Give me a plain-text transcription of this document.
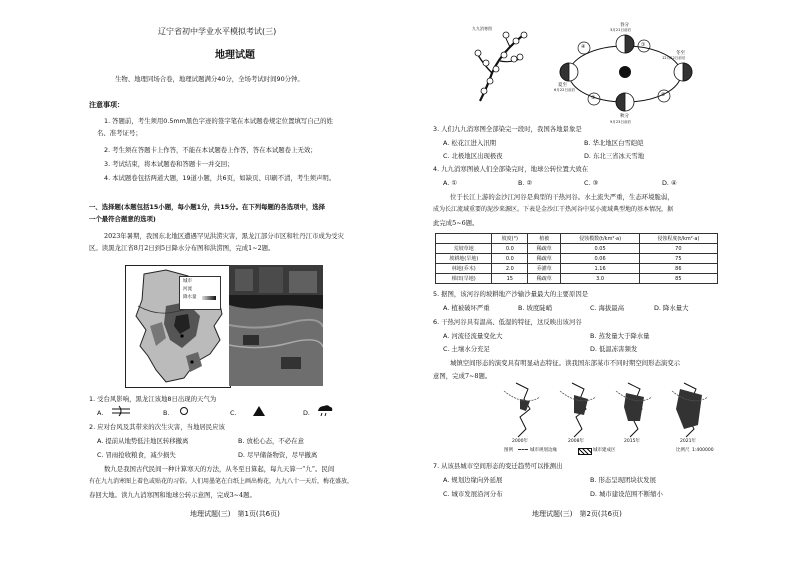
辽宁省初中学业水平模拟考试(三)
地理试题
生物、地理同场合卷，地理试题满分40分，全场考试时间90分钟。
注意事项：
1. 答题前，考生须用0.5mm黑色字迹的签字笔在本试题卷规定位置填写自己的姓
名、准考证号；
2. 考生须在答题卡上作答，不能在本试题卷上作答，答在本试题卷上无效；
3. 考试结束，将本试题卷和答题卡一并交回；
4. 本试题卷包括两道大题，19道小题，共6页，如缺页、印刷不清，考生须声明。
一、选择题(本题包括15小题，每小题1分，共15分。在下列每题的各选项中，选择
一个最符合题意的选项)
2023年暑期，我国东北地区遭遇罕见洪涝灾害，黑龙江部分市区和牡丹江市成为受灾
区。读黑龙江省8月2日到5日降水分布图和洪涝图，完成1~2题。
城市
河流
降水量
1. 受台风影响，黑龙江该地8日出现的天气为
A.	B.	C.	D.
2. 应对台风及其带来的次生灾害，当地居民应该
A. 提前从地势低洼地区转移撤离	B. 放松心态，不必在意
C. 冒雨抢收粮食，减少损失	D. 尽早储备物资，尽早撤离
数九是我国古代民间一种计算寒天的方法，从冬至日算起，每九天算一“九”。民间
有在九九消寒图上着色或贴花的习俗。人们用墨笔在白纸上画出梅花，九九八十一天后，梅花盛放，
春回大地。读九九消寒图和地球公转示意图，完成3~4题。
地理试题(三)　第1页(共6页)
九九消寒图
春分
3月21日前后
冬至
12月22日前后
夏至
6月22日前后
秋分
9月23日前后
①
②
③
④
3. 人们九九消寒图全部染完一段时，我国各地景象是
A. 松花江进入汛期	B. 华北地区白雪皑皑
C. 北极地区出现极夜	D. 东北三省冰天雪地
4. 九九消寒图被人们全部染完时，地球公转位置大致在
A. ①	B. ②	C. ③	D. ④
位于长江上游的金沙江河谷是典型的干热河谷。水土流失严重，生态环境脆弱，
成为长江流域重要的泥沙来源区。下表是金沙江干热河谷中某小流域典型地的基本情况，据
此完成5~6题。
	坡度(°)	植被	侵蚀模数(t/km²·a)	侵蚀程度(t/km²·a)
荒坡草地	0.0	稀疏草	0.05	70
坡耕地(旱地)	0.0	稀疏草	0.06	75
林地(乔木)	2.0	乔灌草	1.16	86
梯田(旱地)	15	稀疏草	3.0	85
5. 据图，该河谷的坡耕地产沙输沙量最大的主要原因是
A. 植被破坏严重	B. 坡度陡峭	C. 海拔最高	D. 降水量大
6. 干热河谷具有温高、低湿的特征，这反映出该河谷
A. 河流径流量变化大	B. 蒸发量大于降水量
C. 土壤水分充足	D. 低温冻害频发
城镇空间形态的演变具有明显动态特征。读我国东部某市不同时期空间形态演变示
意图，完成7~8题。
2000年	2008年	2015年	2021年
图例	城市规划边缘	城市建成区	比例尺 1:400000
7. 从该县城市空间形态的变迁趋势可以推测出
A. 规划边缘向外延展	B. 形态呈现团块状发展
C. 城市发展沿河分布	D. 城市建设范围不断缩小
地理试题(三)　第2页(共6页)
